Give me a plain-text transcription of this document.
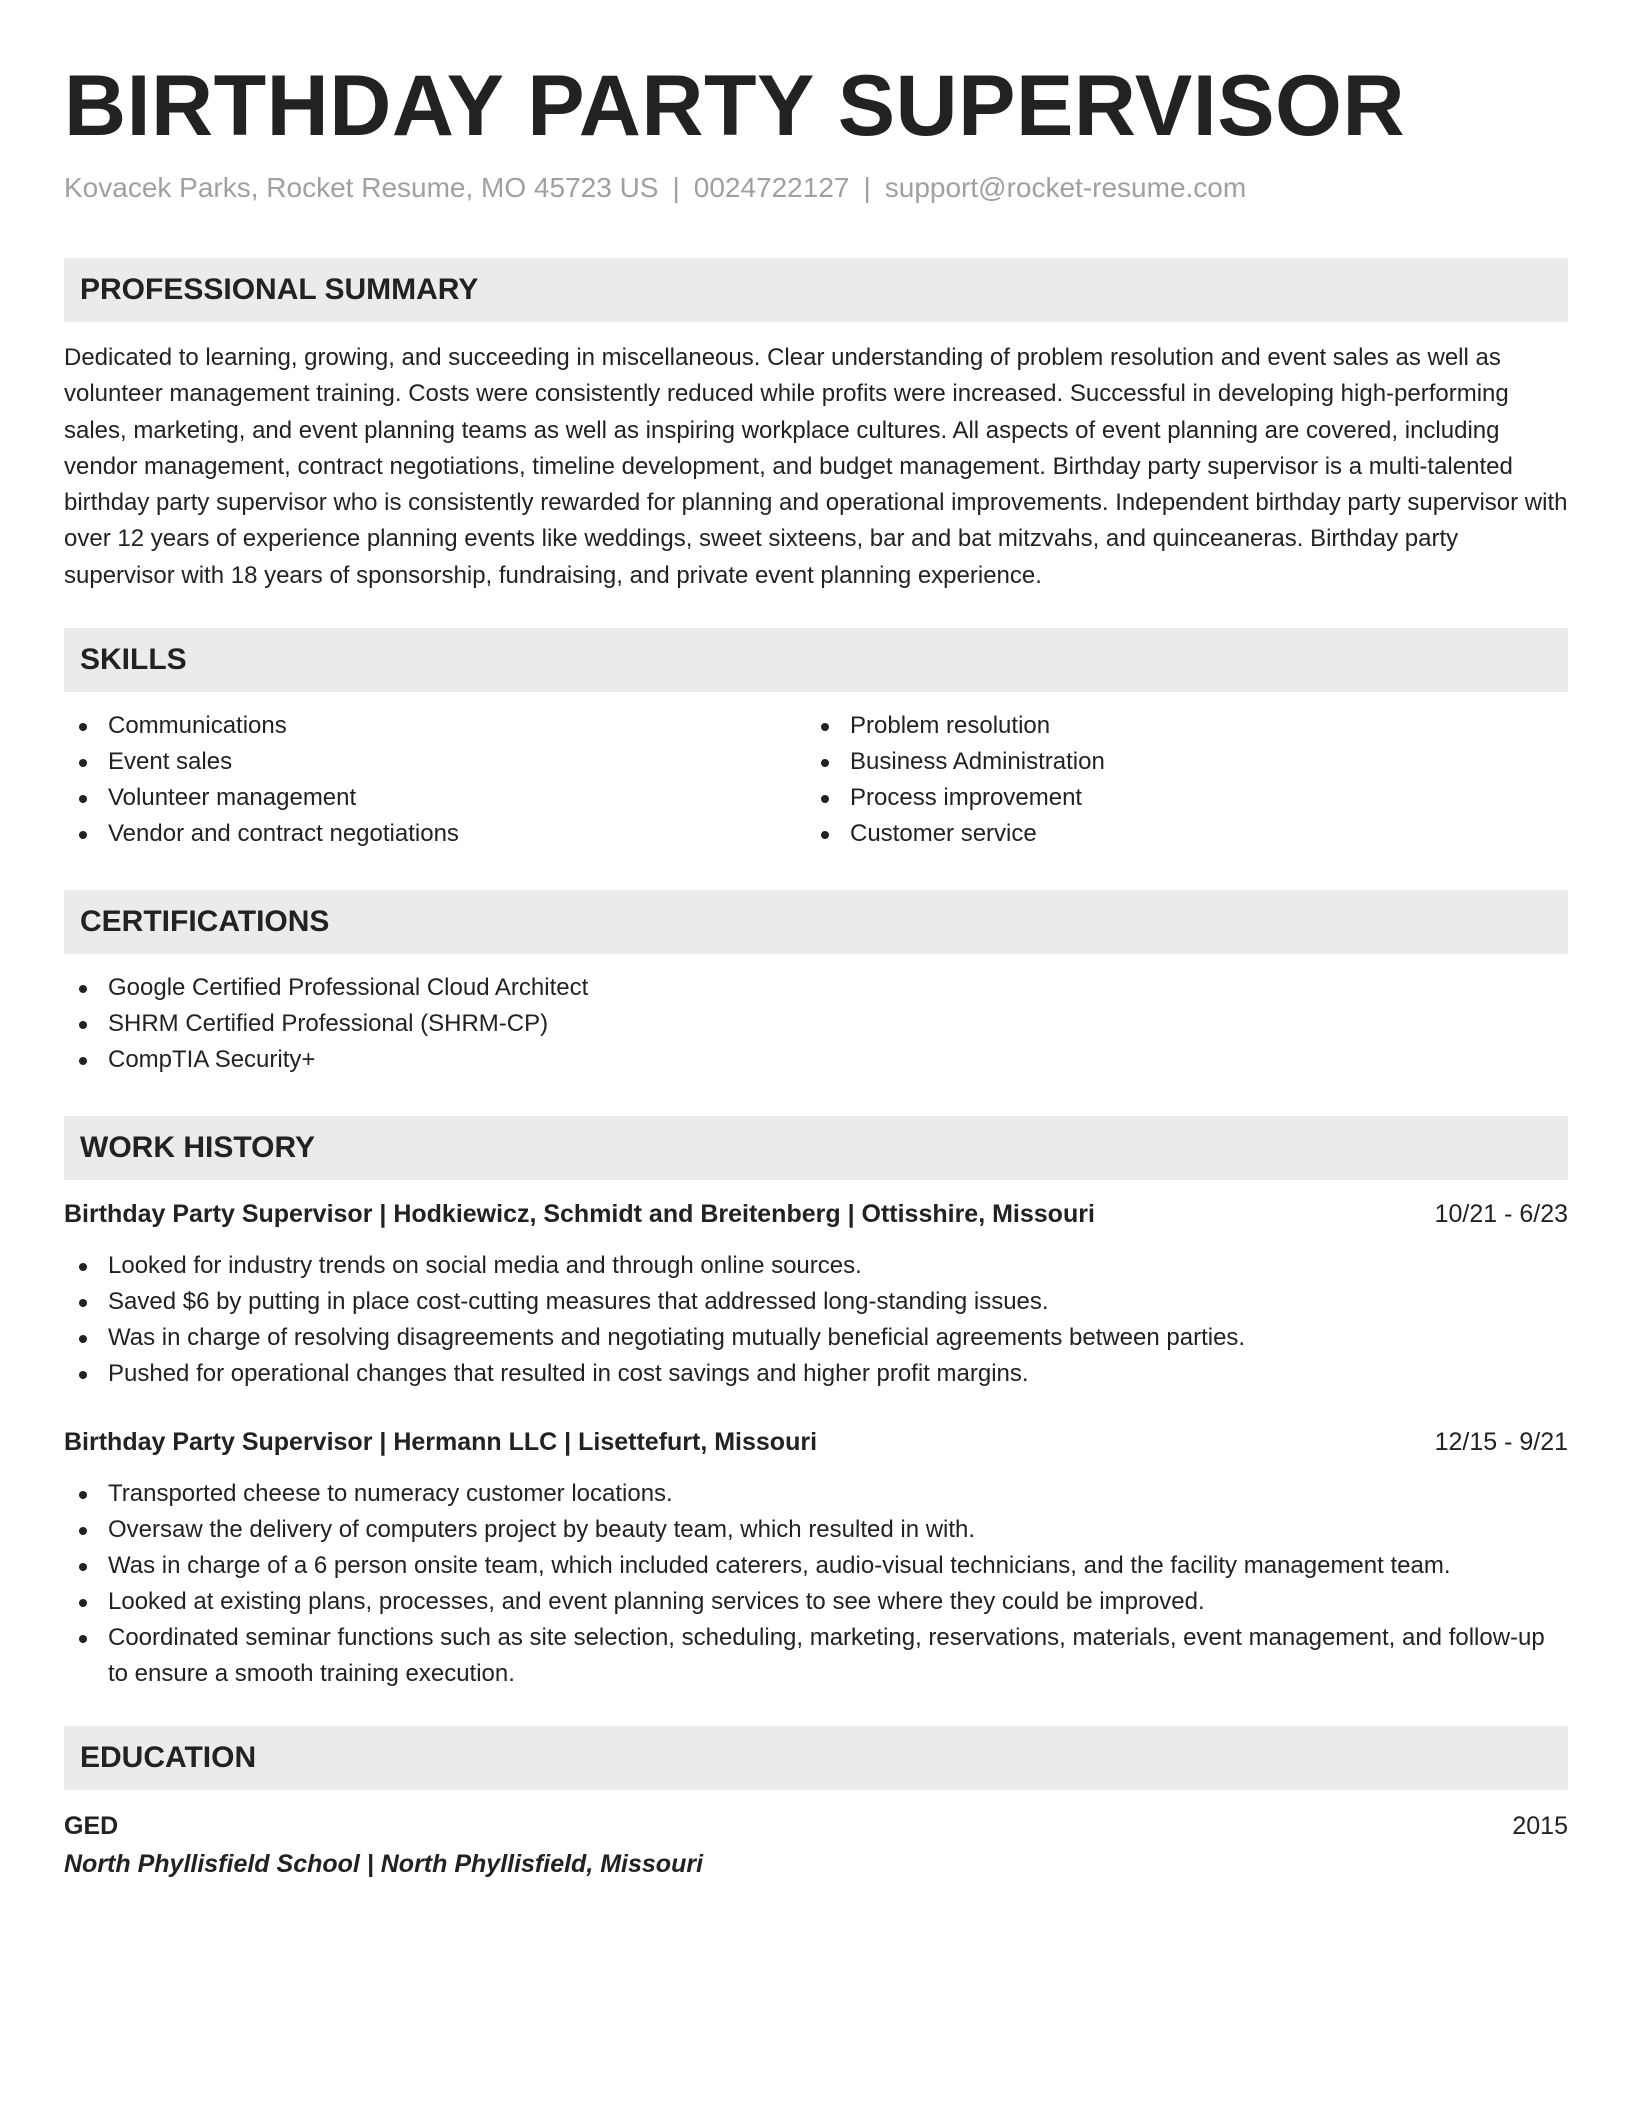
BIRTHDAY PARTY SUPERVISOR
Kovacek Parks, Rocket Resume, MO 45723 US | 0024722127 | support@rocket-resume.com
PROFESSIONAL SUMMARY

Dedicated to learning, growing, and succeeding in miscellaneous. Clear understanding of problem resolution and event sales as well as volunteer management training. Costs were consistently reduced while profits were increased. Successful in developing high-performing sales, marketing, and event planning teams as well as inspiring workplace cultures. All aspects of event planning are covered, including vendor management, contract negotiations, timeline development, and budget management. Birthday party supervisor is a multi-talented birthday party supervisor who is consistently rewarded for planning and operational improvements. Independent birthday party supervisor with over 12 years of experience planning events like weddings, sweet sixteens, bar and bat mitzvahs, and quinceaneras. Birthday party supervisor with 18 years of sponsorship, fundraising, and private event planning experience.

SKILLS
Communications
Event sales
Volunteer management
Vendor and contract negotiations
Problem resolution
Business Administration
Process improvement
Customer service
CERTIFICATIONS
Google Certified Professional Cloud Architect
SHRM Certified Professional (SHRM-CP)
CompTIA Security+
WORK HISTORY
Birthday Party Supervisor | Hodkiewicz, Schmidt and Breitenberg | Ottisshire, Missouri	10/21 - 6/23
Looked for industry trends on social media and through online sources.
Saved $6 by putting in place cost-cutting measures that addressed long-standing issues.
Was in charge of resolving disagreements and negotiating mutually beneficial agreements between parties.
Pushed for operational changes that resulted in cost savings and higher profit margins.
Birthday Party Supervisor | Hermann LLC | Lisettefurt, Missouri	12/15 - 9/21
Transported cheese to numeracy customer locations.
Oversaw the delivery of computers project by beauty team, which resulted in with.
Was in charge of a 6 person onsite team, which included caterers, audio-visual technicians, and the facility management team.
Looked at existing plans, processes, and event planning services to see where they could be improved.
Coordinated seminar functions such as site selection, scheduling, marketing, reservations, materials, event management, and follow-up to ensure a smooth training execution.
EDUCATION
GED	2015
North Phyllisfield School | North Phyllisfield, Missouri
